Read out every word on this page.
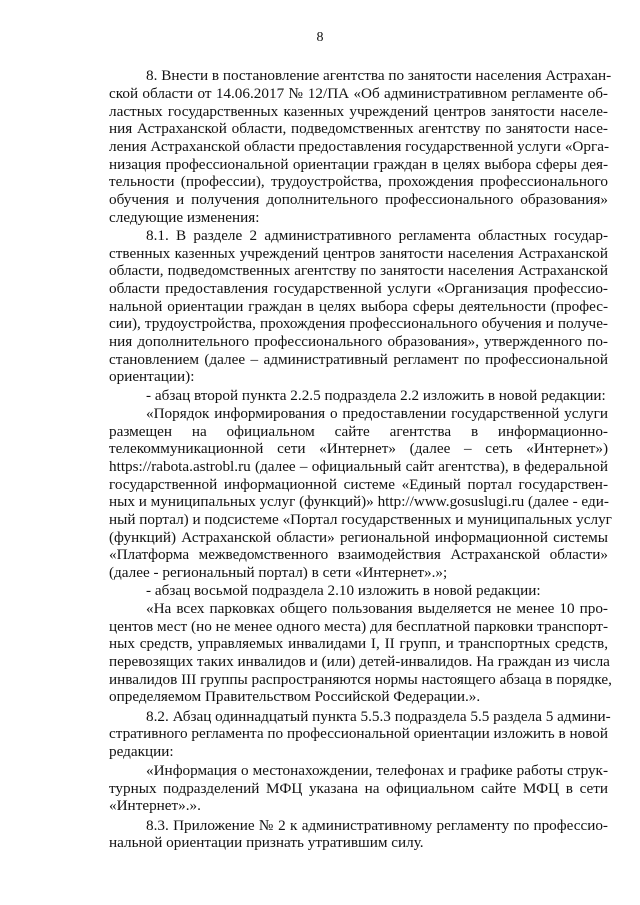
8
8. Внести в постановление агентства по занятости населения Астрахан-
ской области от 14.06.2017 № 12/ПА «Об административном регламенте об-
ластных государственных казенных учреждений центров занятости населе-
ния Астраханской области, подведомственных агентству по занятости насе-
ления Астраханской области предоставления государственной услуги «Орга-
низация профессиональной ориентации граждан в целях выбора сферы дея-
тельности (профессии), трудоустройства, прохождения профессионального
обучения и получения дополнительного профессионального образования»
следующие изменения:
8.1. В разделе 2 административного регламента областных государ-
ственных казенных учреждений центров занятости населения Астраханской
области, подведомственных агентству по занятости населения Астраханской
области предоставления государственной услуги «Организация профессио-
нальной ориентации граждан в целях выбора сферы деятельности (профес-
сии), трудоустройства, прохождения профессионального обучения и получе-
ния дополнительного профессионального образования», утвержденного по-
становлением (далее – административный регламент по профессиональной
ориентации):
- абзац второй пункта 2.2.5 подраздела 2.2 изложить в новой редакции:
«Порядок информирования о предоставлении государственной услуги
размещен на официальном сайте агентства в информационно-
телекоммуникационной сети «Интернет» (далее – сеть «Интернет»)
https://rabota.astrobl.ru (далее – официальный сайт агентства), в федеральной
государственной информационной системе «Единый портал государствен-
ных и муниципальных услуг (функций)» http://www.gosuslugi.ru (далее - еди-
ный портал) и подсистеме «Портал государственных и муниципальных услуг
(функций) Астраханской области» региональной информационной системы
«Платформа межведомственного взаимодействия Астраханской области»
(далее - региональный портал) в сети «Интернет».»;
- абзац восьмой подраздела 2.10 изложить в новой редакции:
«На всех парковках общего пользования выделяется не менее 10 про-
центов мест (но не менее одного места) для бесплатной парковки транспорт-
ных средств, управляемых инвалидами I, II групп, и транспортных средств,
перевозящих таких инвалидов и (или) детей-инвалидов. На граждан из числа
инвалидов III группы распространяются нормы настоящего абзаца в порядке,
определяемом Правительством Российской Федерации.».
8.2. Абзац одиннадцатый пункта 5.5.3 подраздела 5.5 раздела 5 админи-
стративного регламента по профессиональной ориентации изложить в новой
редакции:
«Информация о местонахождении, телефонах и графике работы струк-
турных подразделений МФЦ указана на официальном сайте МФЦ в сети
«Интернет».».
8.3. Приложение № 2 к административному регламенту по профессио-
нальной ориентации признать утратившим силу.
